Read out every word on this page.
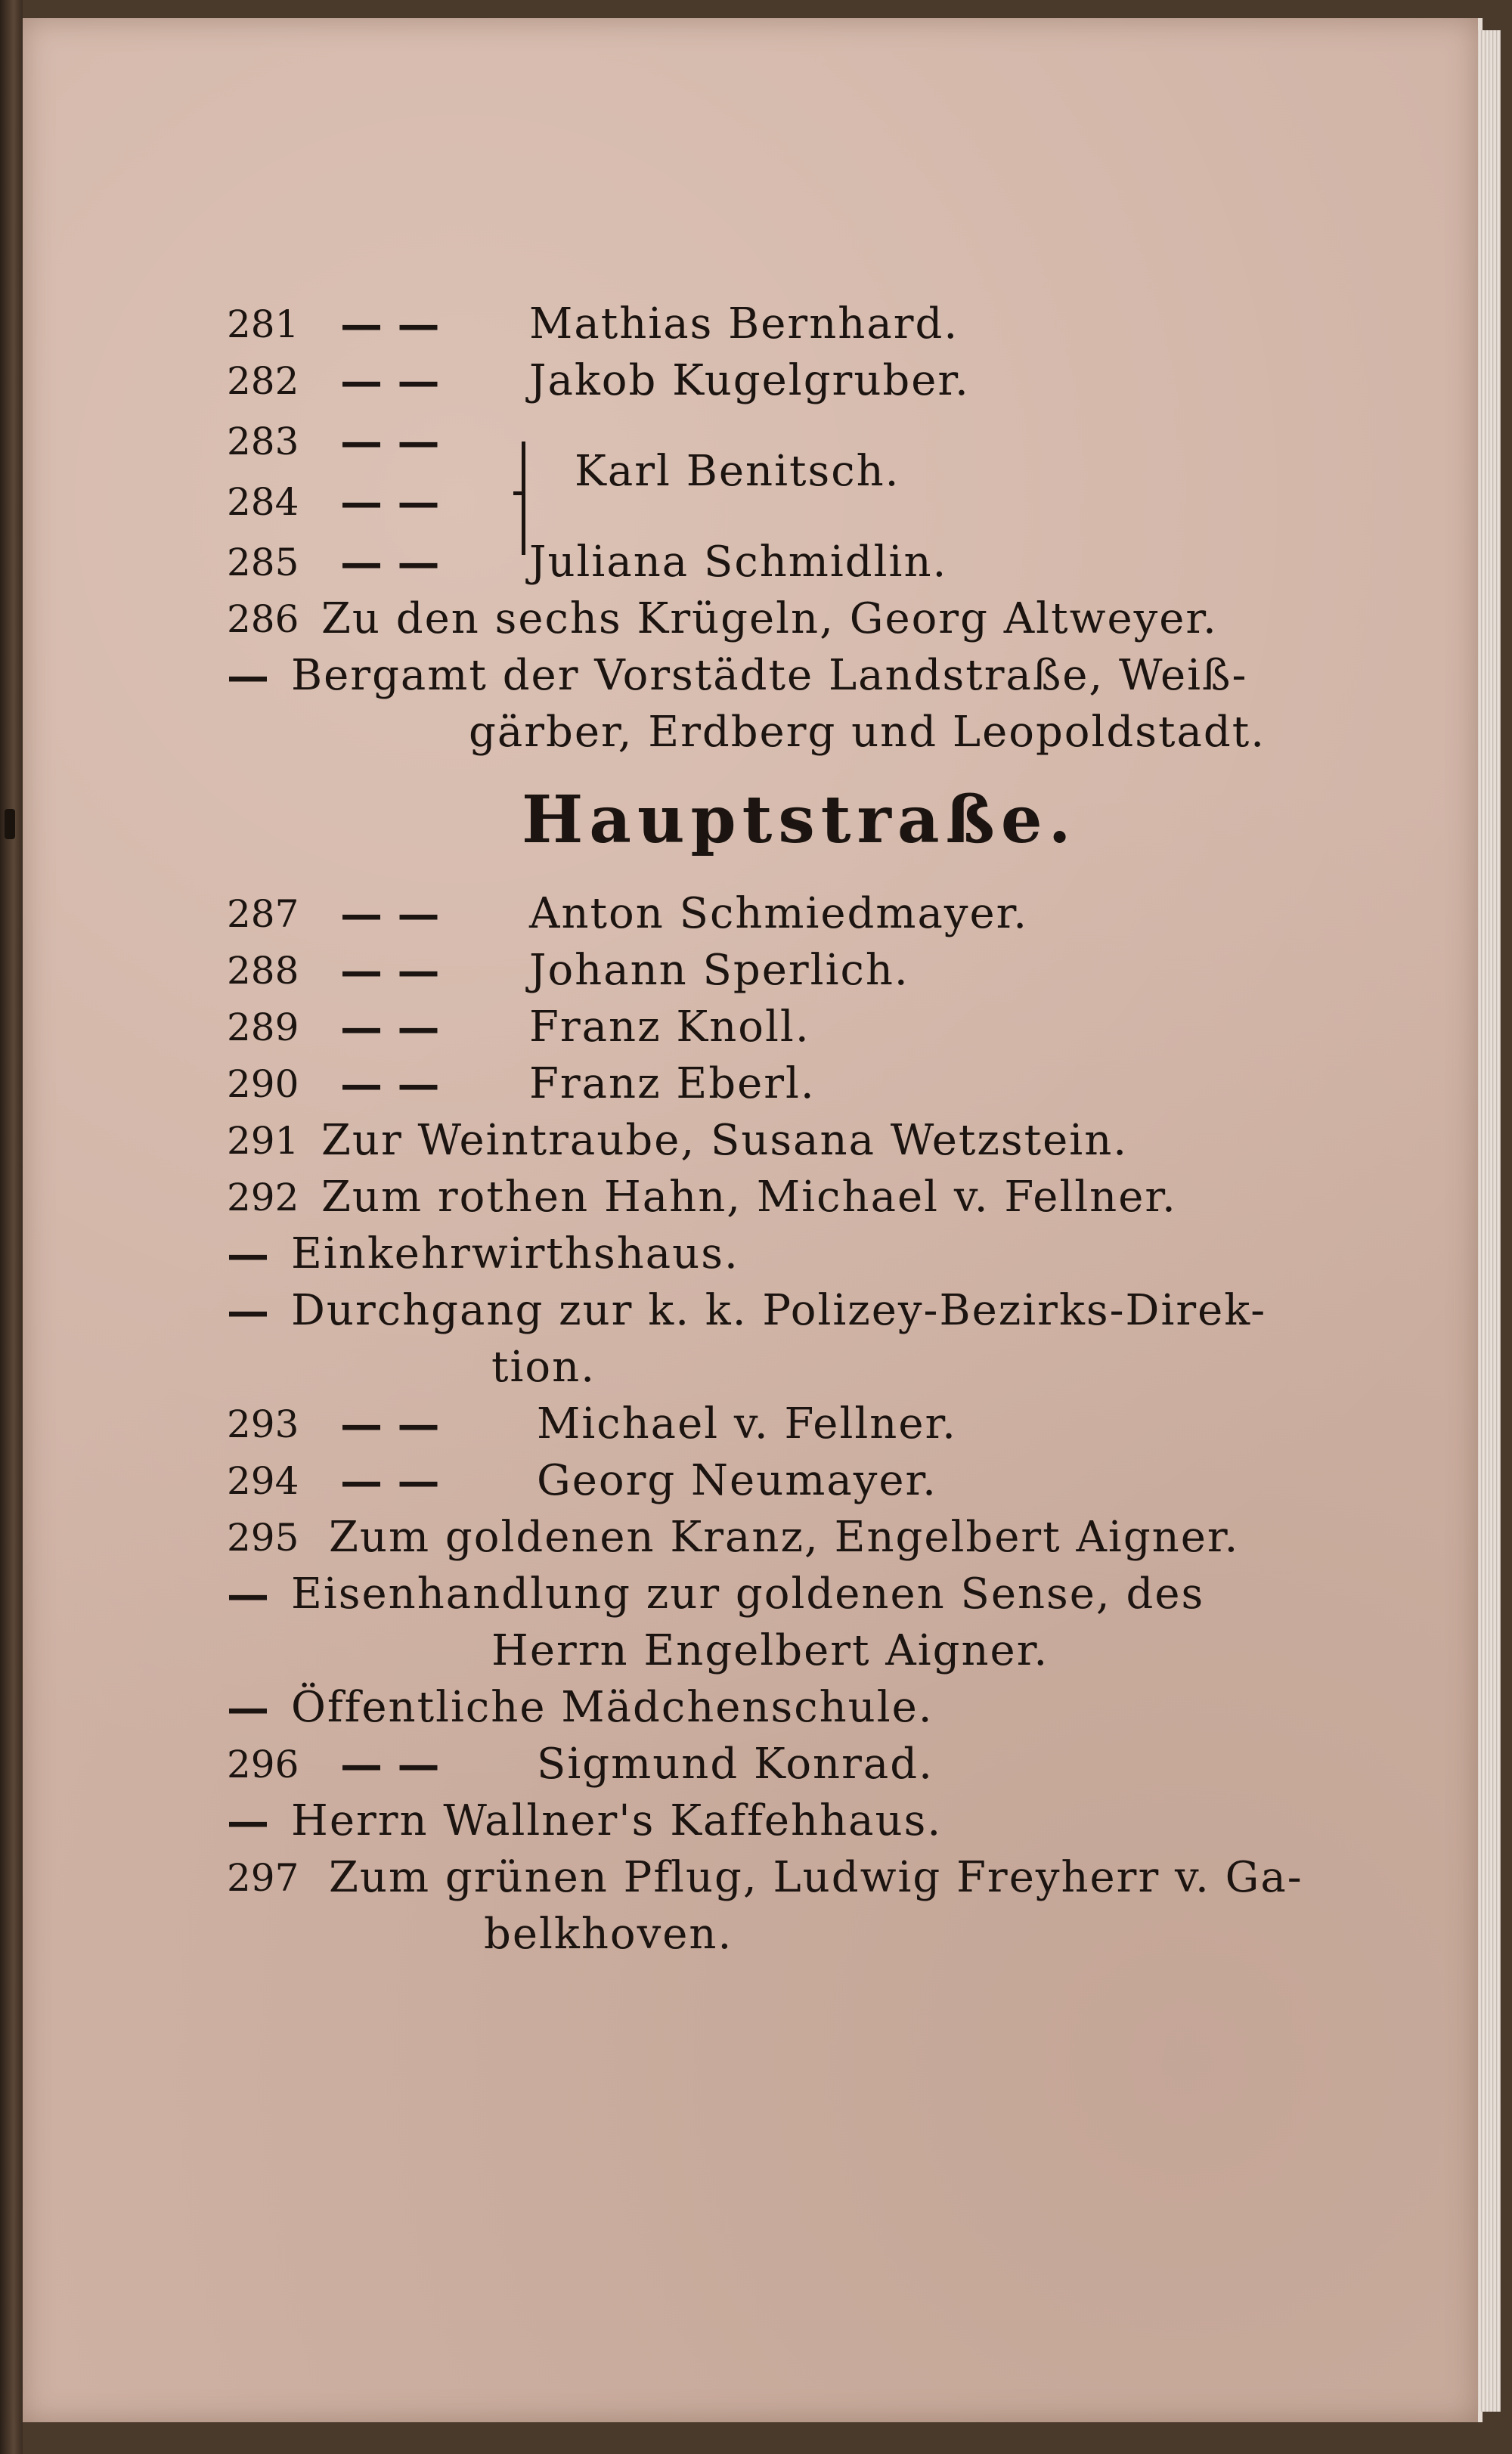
281 — — Mathias Bernhard.
282 — — Jakob Kugelgruber.
283 — —
284 — —
Karl Benitsch.
285 — — Juliana Schmidlin.
286 Zu den sechs Krügeln, Georg Altweyer.
— Bergamt der Vorstädte Landstraße, Weiß-
gärber, Erdberg und Leopoldstadt.
Hauptstraße.
287 — — Anton Schmiedmayer.
288 — — Johann Sperlich.
289 — — Franz Knoll.
290 — — Franz Eberl.
291 Zur Weintraube, Susana Wetzstein.
292 Zum rothen Hahn, Michael v. Fellner.
— Einkehrwirthshaus.
— Durchgang zur k. k. Polizey-Bezirks-Direk-
tion.
293 — — Michael v. Fellner.
294 — — Georg Neumayer.
295 Zum goldenen Kranz, Engelbert Aigner.
— Eisenhandlung zur goldenen Sense, des
Herrn Engelbert Aigner.
— Öffentliche Mädchenschule.
296 — — Sigmund Konrad.
— Herrn Wallner's Kaffehhaus.
297 Zum grünen Pflug, Ludwig Freyherr v. Ga-
belkhoven.
